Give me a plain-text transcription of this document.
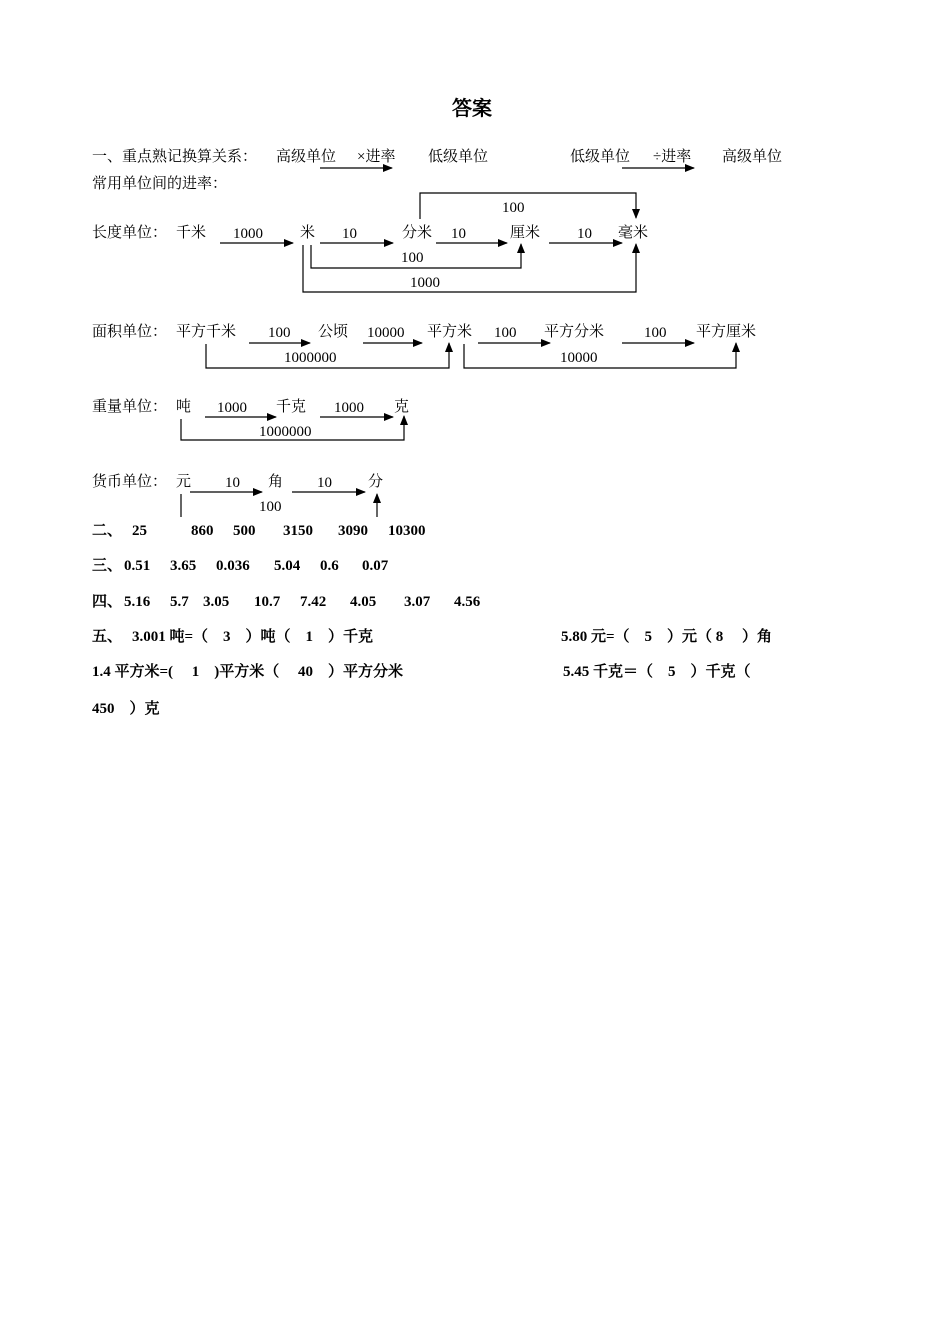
答案
一、重点熟记换算关系： 高级单位 ×进率 低级单位	低级单位 ÷进率 高级单位
常用单位间的进率：
长度单位： 千米	米	分米	厘米	毫米
1000	10	10	10
100
100
1000
面积单位： 平方千米	公顷	平方米	平方分米	平方厘米
100	10000	100	100
1000000	10000
重量单位： 吨	千克	克
1000	1000
1000000
货币单位： 元	角	分
10	10
100
二、 25	860 500 3150 3090 10300
三、 0.51 3.65 0.036 5.04 0.6 0.07
四、 5.16 5.7 3.05 10.7 7.42 4.05 3.07 4.56
五、 3.001 吨=（　3　）吨（　1　）千克	5.80 元=（　5　）元（ 8　 ）角
1.4 平方米=(　 1　)平方米（　 40　）平方分米	5.45 千克＝（　5　）千克（
450　）克
